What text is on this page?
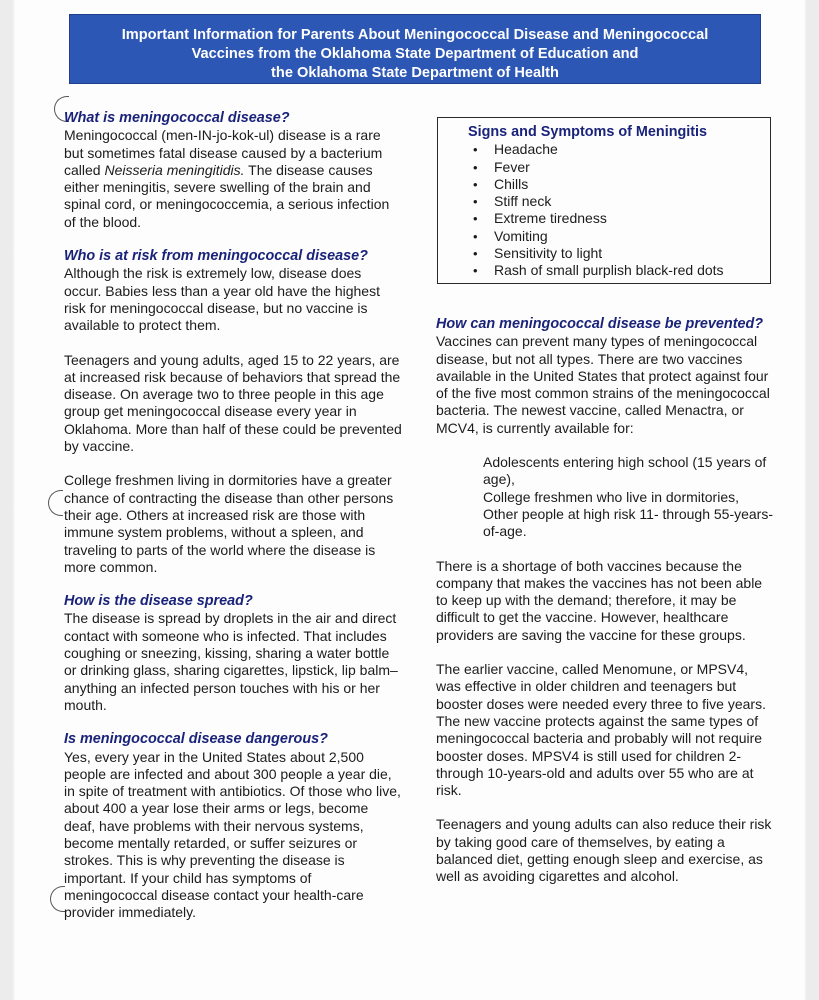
Important Information for Parents About Meningococcal Disease and Meningococcal
Vaccines from the Oklahoma State Department of Education and
the Oklahoma State Department of Health

What is meningococcal disease?

Meningococcal (men-IN-jo-kok-ul) disease is a rare but sometimes fatal disease caused by a bacterium called Neisseria meningitidis. The disease causes either meningitis, severe swelling of the brain and spinal cord, or meningococcemia, a serious infection of the blood.

Who is at risk from meningococcal disease?

Although the risk is extremely low, disease does occur. Babies less than a year old have the highest risk for meningococcal disease, but no vaccine is available to protect them.

Teenagers and young adults, aged 15 to 22 years, are at increased risk because of behaviors that spread the disease. On average two to three people in this age group get meningococcal disease every year in Oklahoma. More than half of these could be prevented by vaccine.

College freshmen living in dormitories have a greater chance of contracting the disease than other persons their age. Others at increased risk are those with immune system problems, without a spleen, and traveling to parts of the world where the disease is more common.

How is the disease spread?

The disease is spread by droplets in the air and direct contact with someone who is infected. That includes coughing or sneezing, kissing, sharing a water bottle or drinking glass, sharing cigarettes, lipstick, lip balm–anything an infected person touches with his or her mouth.

Is meningococcal disease dangerous?

Yes, every year in the United States about 2,500 people are infected and about 300 people a year die, in spite of treatment with antibiotics. Of those who live, about 400 a year lose their arms or legs, become deaf, have problems with their nervous systems, become mentally retarded, or suffer seizures or strokes. This is why preventing the disease is important. If your child has symptoms of meningococcal disease contact your health-care provider immediately.

Signs and Symptoms of Meningitis
• Headache
• Fever
• Chills
• Stiff neck
• Extreme tiredness
• Vomiting
• Sensitivity to light
• Rash of small purplish black-red dots

How can meningococcal disease be prevented?

Vaccines can prevent many types of meningococcal disease, but not all types. There are two vaccines available in the United States that protect against four of the five most common strains of the meningococcal bacteria. The newest vaccine, called Menactra, or MCV4, is currently available for:

Adolescents entering high school (15 years of age),

College freshmen who live in dormitories,

Other people at high risk 11- through 55-years-of-age.

There is a shortage of both vaccines because the company that makes the vaccines has not been able to keep up with the demand; therefore, it may be difficult to get the vaccine. However, healthcare providers are saving the vaccine for these groups.

The earlier vaccine, called Menomune, or MPSV4, was effective in older children and teenagers but booster doses were needed every three to five years. The new vaccine protects against the same types of meningococcal bacteria and probably will not require booster doses. MPSV4 is still used for children 2- through 10-years-old and adults over 55 who are at risk.

Teenagers and young adults can also reduce their risk by taking good care of themselves, by eating a balanced diet, getting enough sleep and exercise, as well as avoiding cigarettes and alcohol.
